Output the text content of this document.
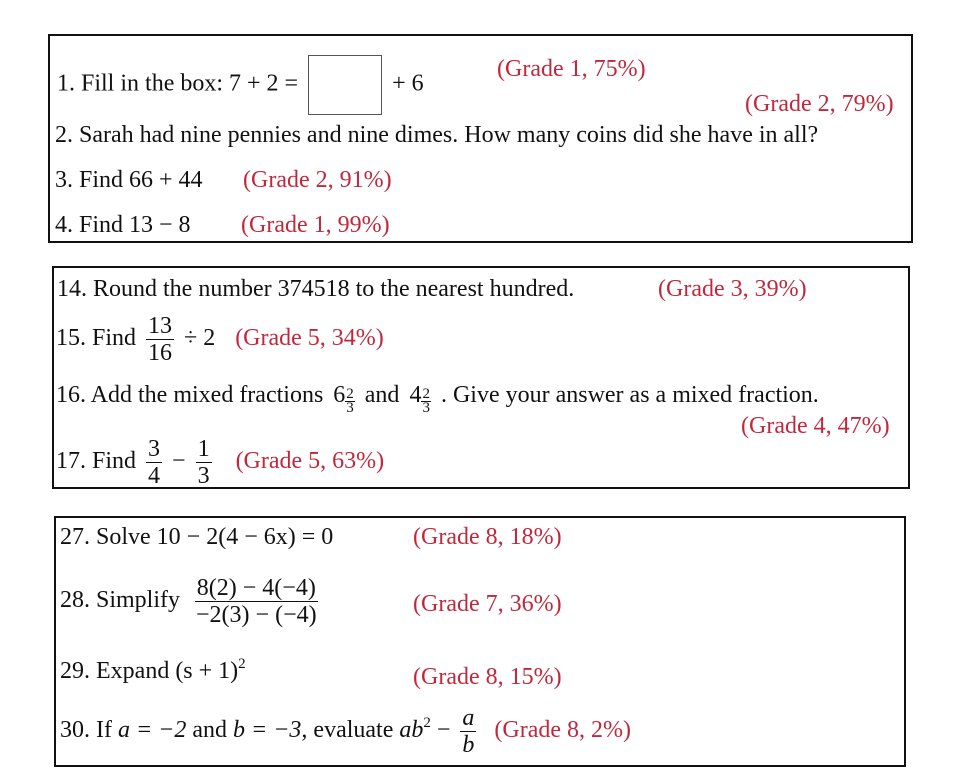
1. Fill in the box: 7 + 2 =	+ 6
(Grade 1, 75%)
(Grade 2, 79%)
2. Sarah had nine pennies and nine dimes. How many coins did she have in all?
3. Find 66 + 44 (Grade 2, 91%)
4. Find 13 − 8 (Grade 1, 99%)
14. Round the number 374518 to the nearest hundred.	(Grade 3, 39%)
15. Find $\frac{13}{16} \div 2$ (Grade 5, 34%)
16. Add the mixed fractions $6 \frac{2}{3}$ and $4 \frac{2}{3}$ . Give your answer as a mixed fraction.
(Grade 4, 47%)
17. Find $\frac{3}{4} - \frac{1}{3}$ (Grade 5, 63%)
27. Solve 10 − 2(4 − 6x) = 0	(Grade 8, 18%)
28. Simplify $\frac{8(2) - 4(-4)}{-2(3) - (-4)}$	(Grade 7, 36%)
29. Expand $(s + 1)^2$	(Grade 8, 15%)
30. If a = −2 and b = −3, evaluate $ab^2 - \frac{a}{b}$ (Grade 8, 2%)
